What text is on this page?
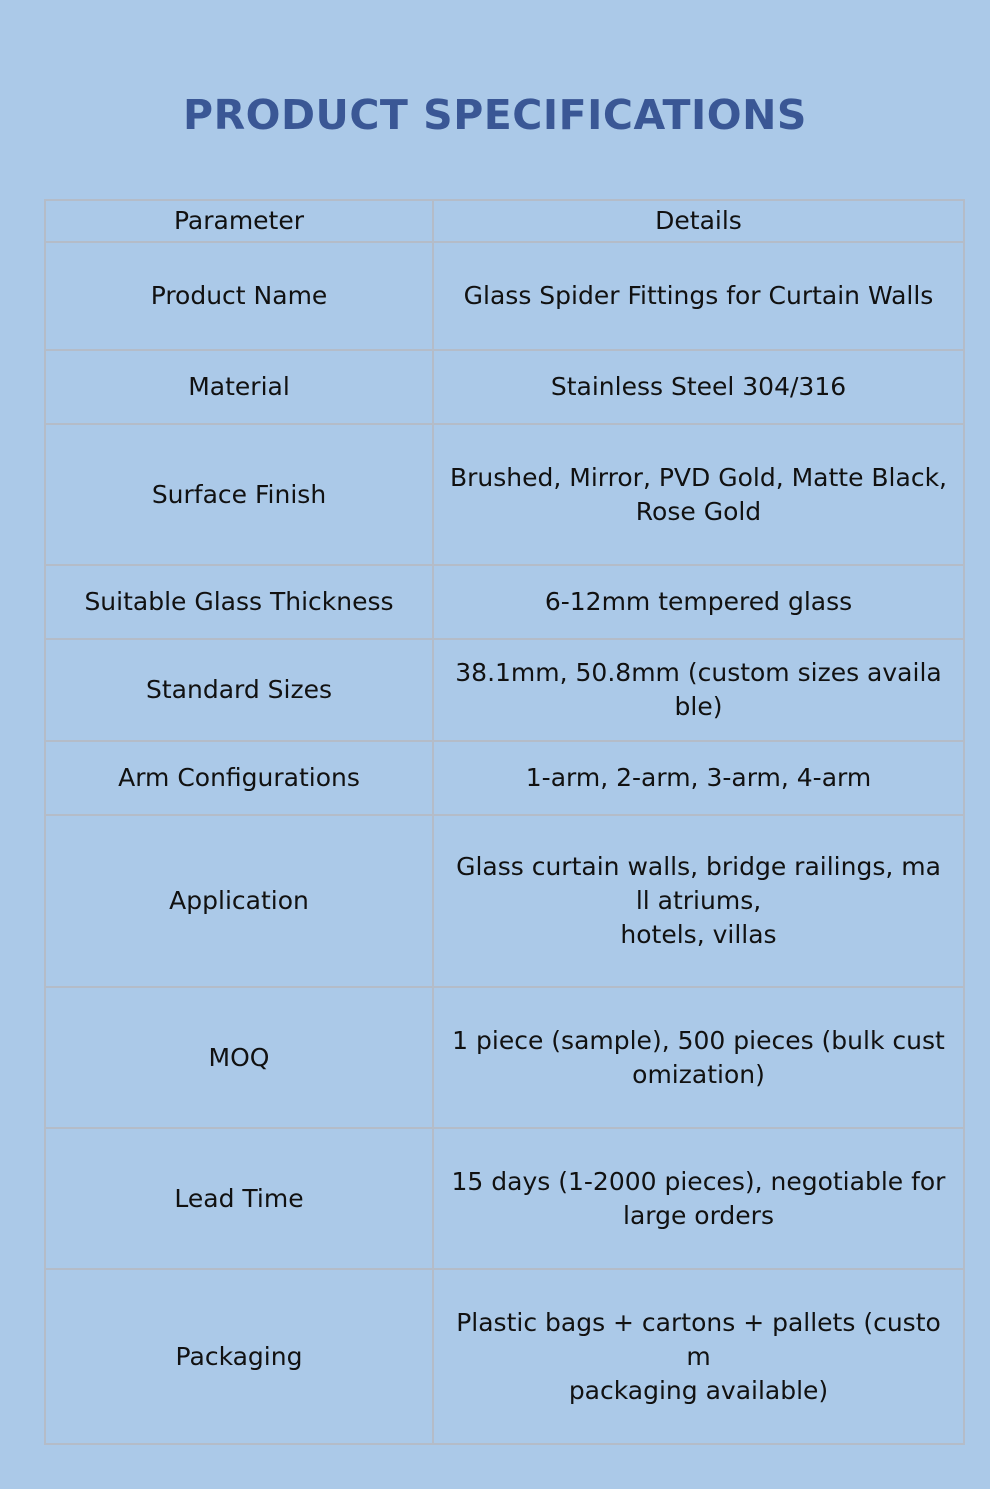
PRODUCT SPECIFICATIONS
Parameter	Details
Product Name	Glass Spider Fittings for Curtain Walls
Material	Stainless Steel 304/316
Surface Finish	Brushed, Mirror, PVD Gold, Matte Black,
Rose Gold
Suitable Glass Thickness	6-12mm tempered glass
Standard Sizes	38.1mm, 50.8mm (custom sizes availa
ble)
Arm Configurations	1-arm, 2-arm, 3-arm, 4-arm
Application	Glass curtain walls, bridge railings, ma
ll atriums,
hotels, villas
MOQ	1 piece (sample), 500 pieces (bulk cust
omization)
Lead Time	15 days (1-2000 pieces), negotiable for
large orders
Packaging	Plastic bags + cartons + pallets (custo
m
packaging available)
